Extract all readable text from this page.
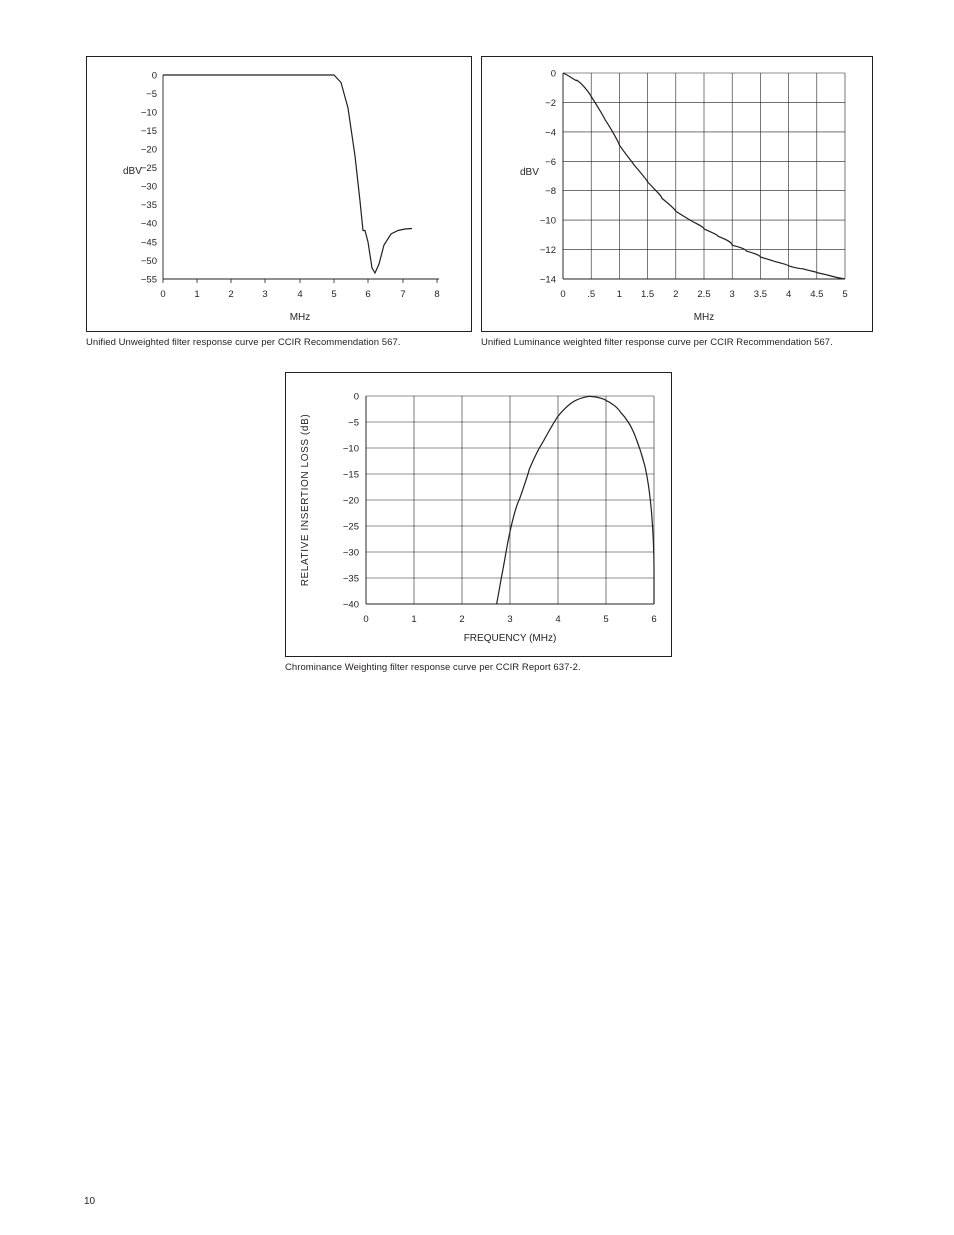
0
−5
−10
−15
−20
−25
−30
−35
−40
−45
−50
−55
0	1	2	3	4	5	6	7	8
dBV
MHz
Unified Unweighted filter response curve per CCIR Recommendation 567.
0
−2
−4
−6
−8
−10
−12
−14
0 .5 1 1.5 2 2.5 3 3.5 4 4.5 5
dBV
MHz
Unified Luminance weighted filter response curve per CCIR Recommendation 567.
0
−5
−10
−15
−20
−25
−30
−35
−40
0	1	2	3	4	5	6
FREQUENCY (MHz)
RELATIVE INSERTION LOSS (dB)
Chrominance Weighting filter response curve per CCIR Report 637-2.
10
